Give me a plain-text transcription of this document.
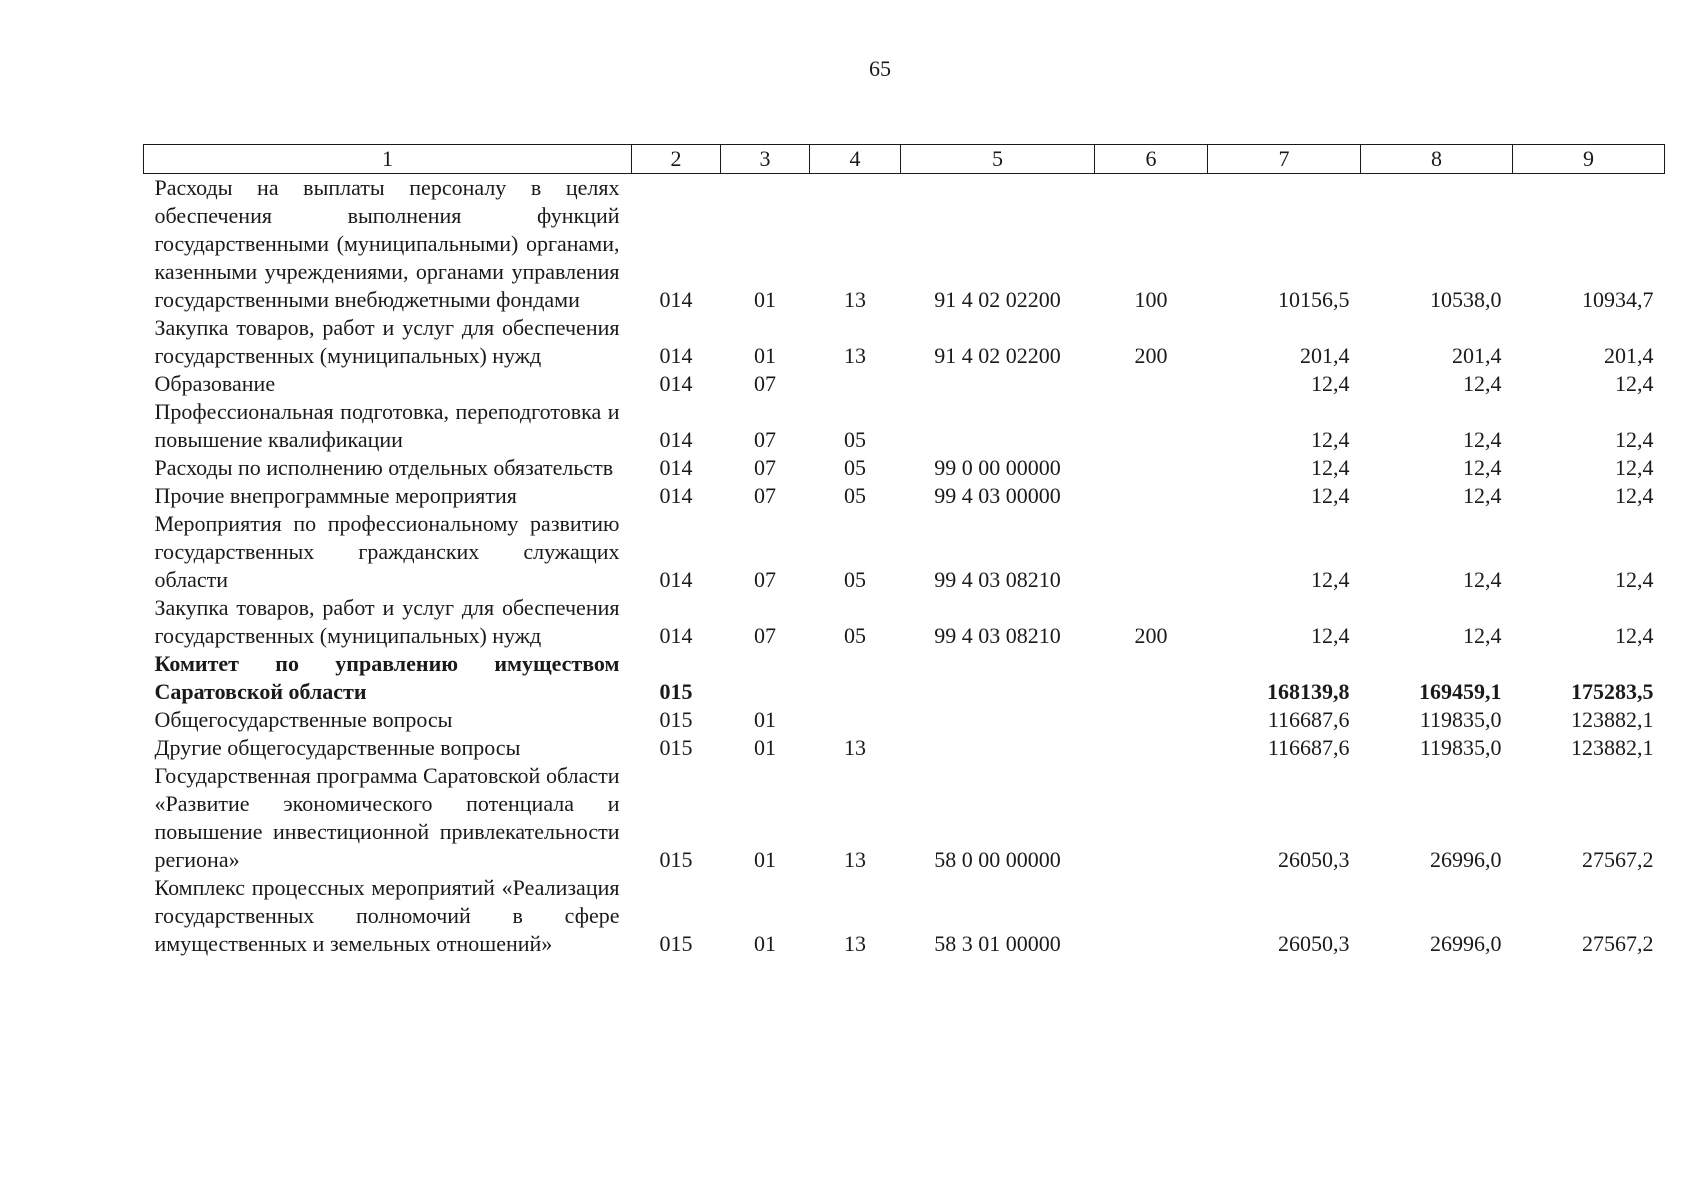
65
1	2	3	4	5	6	7	8	9
Расходы на выплаты персоналу в целях обеспечения выполнения функций государственными (муниципальными) органами, казенными учреждениями, органами управления государственными внебюджетными фондами	014	01	13	91 4 02 02200	100	10156,5	10538,0	10934,7
Закупка товаров, работ и услуг для обеспечения государственных (муниципальных) нужд	014	01	13	91 4 02 02200	200	201,4	201,4	201,4
Образование	014	07				12,4	12,4	12,4
Профессиональная подготовка, переподготовка и повышение квалификации	014	07	05			12,4	12,4	12,4
Расходы по исполнению отдельных обязательств	014	07	05	99 0 00 00000		12,4	12,4	12,4
Прочие внепрограммные мероприятия	014	07	05	99 4 03 00000		12,4	12,4	12,4
Мероприятия по профессиональному развитию государственных гражданских служащих области	014	07	05	99 4 03 08210		12,4	12,4	12,4
Закупка товаров, работ и услуг для обеспечения государственных (муниципальных) нужд	014	07	05	99 4 03 08210	200	12,4	12,4	12,4
Комитет по управлению имуществом Саратовской области	015					168139,8	169459,1	175283,5
Общегосударственные вопросы	015	01				116687,6	119835,0	123882,1
Другие общегосударственные вопросы	015	01	13			116687,6	119835,0	123882,1
Государственная программа Саратовской области «Развитие экономического потенциала и повышение инвестиционной привлекательности региона»	015	01	13	58 0 00 00000		26050,3	26996,0	27567,2
Комплекс процессных мероприятий «Реализация государственных полномочий в сфере имущественных и земельных отношений»	015	01	13	58 3 01 00000		26050,3	26996,0	27567,2
